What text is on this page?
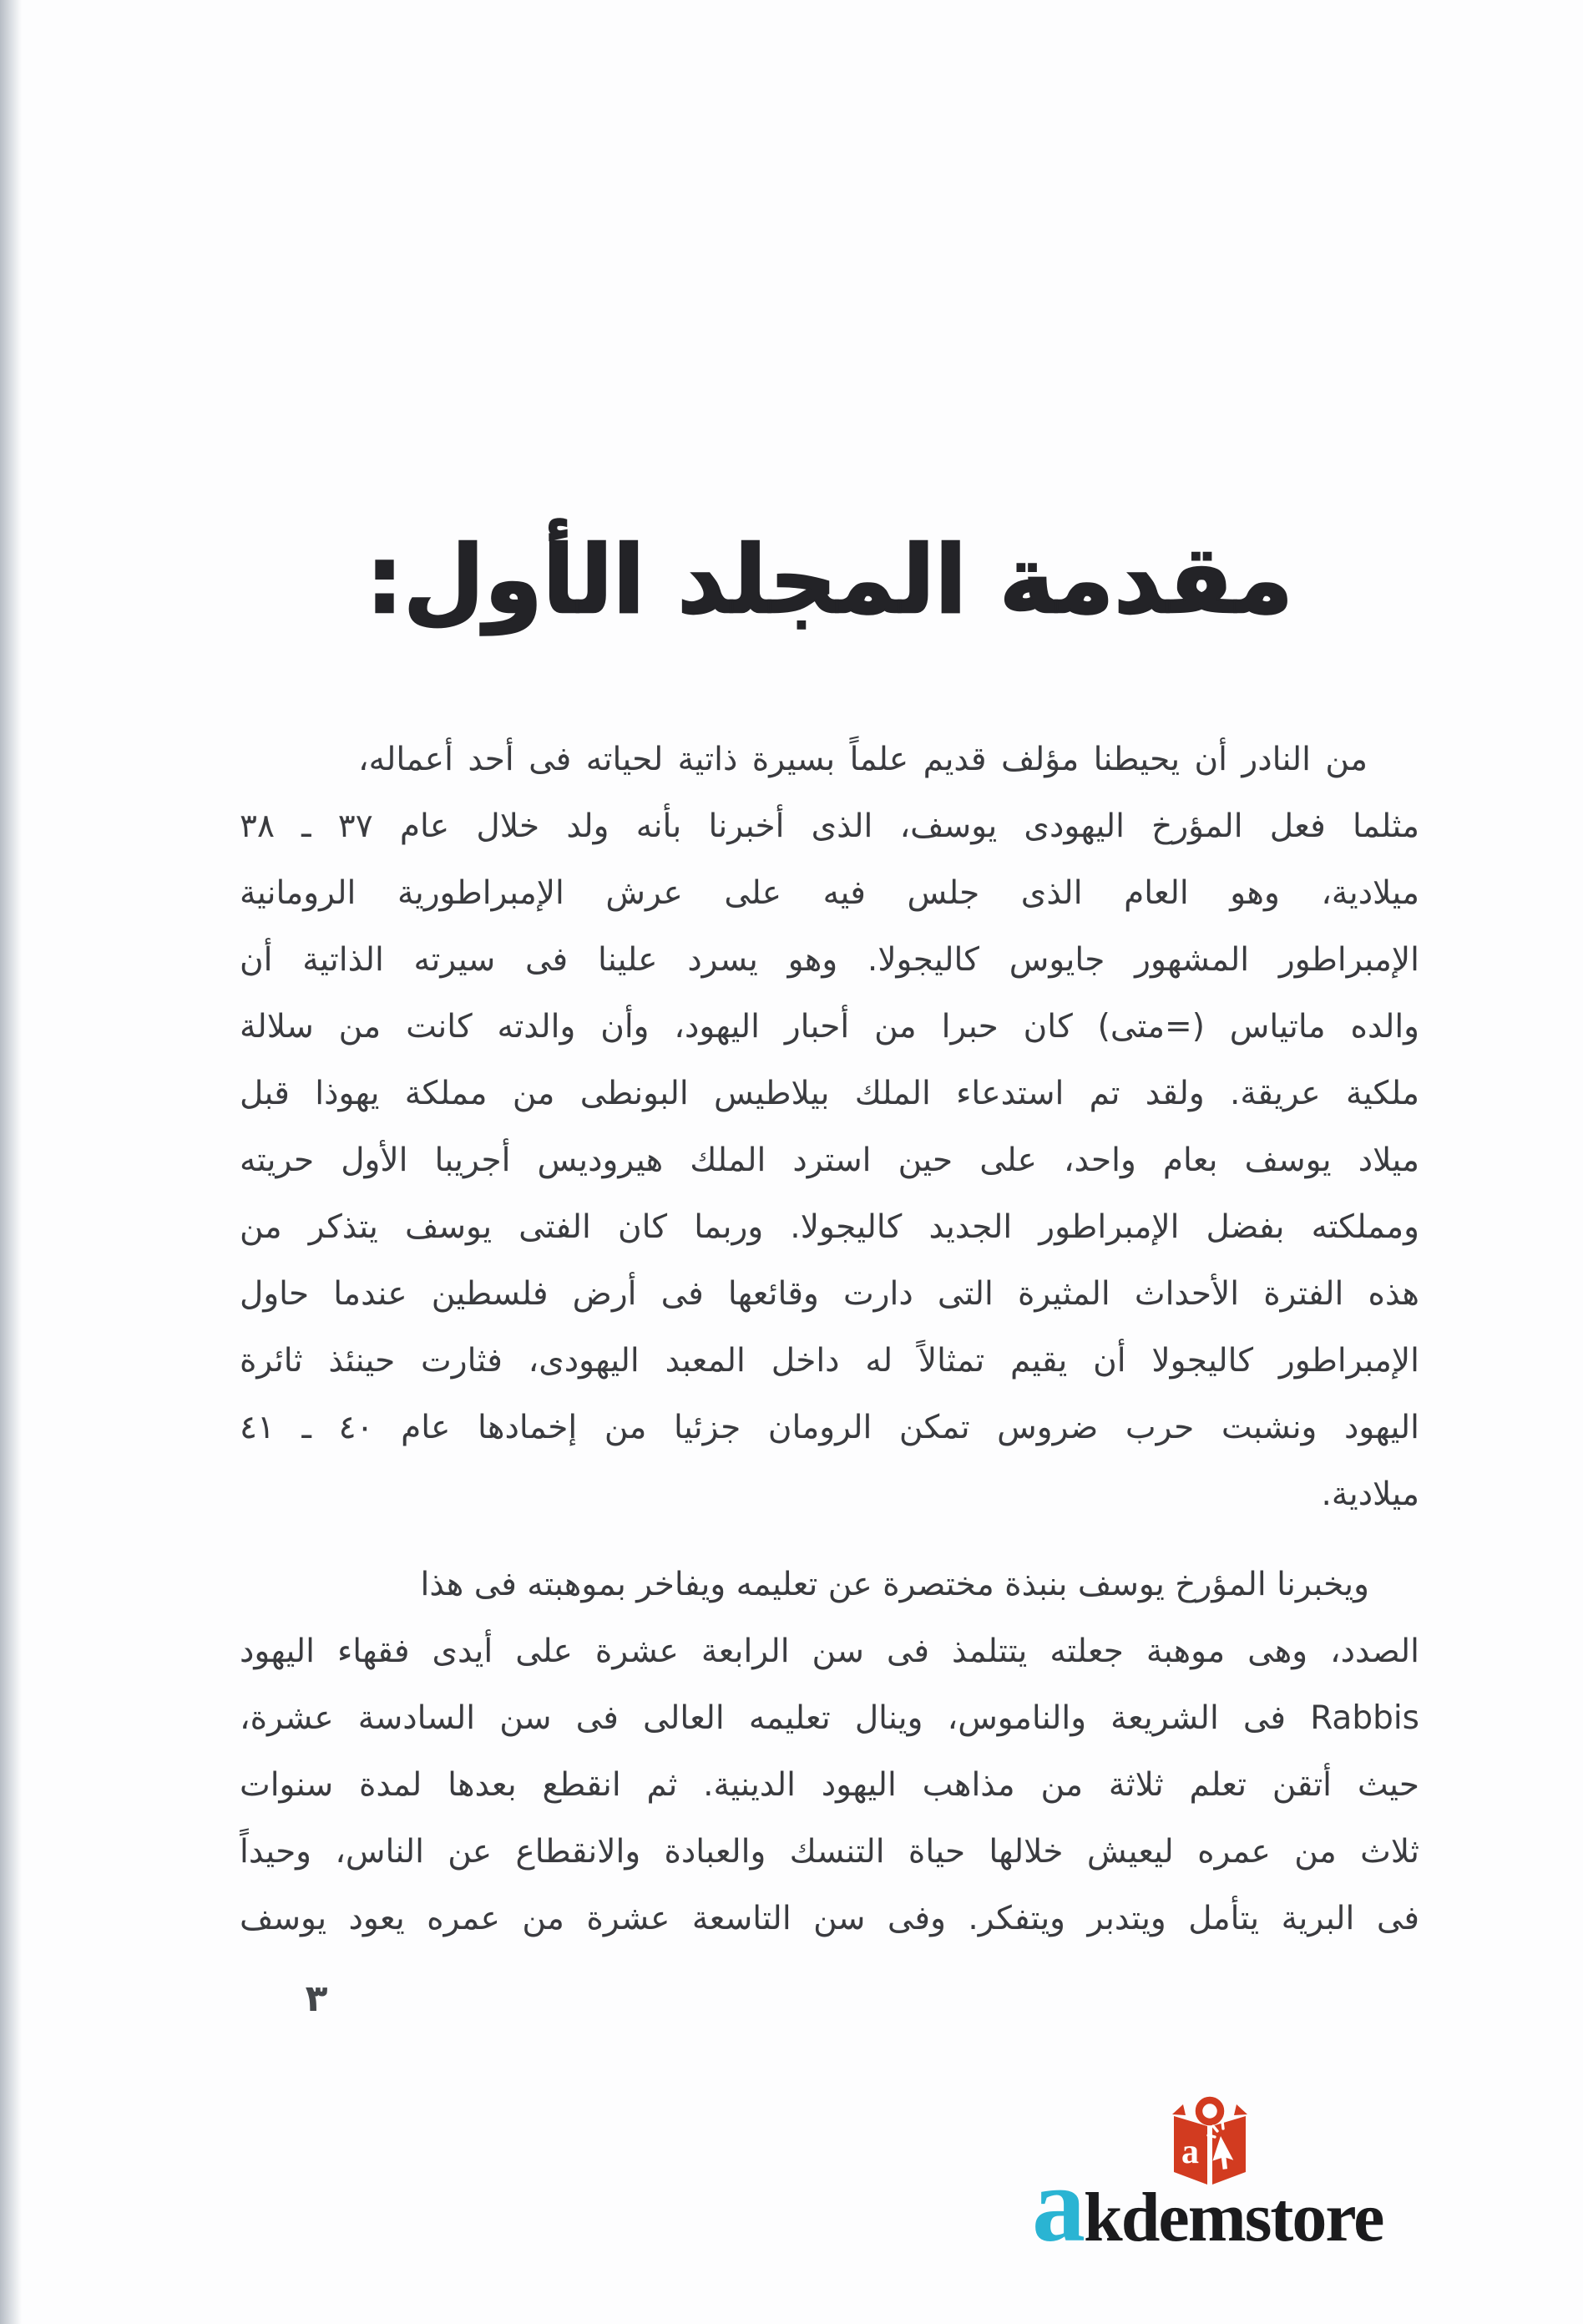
مقدمة المجلد الأول:
من النادر أن يحيطنا مؤلف قديم علماً بسيرة ذاتية لحياته فى أحد أعماله،
مثلما فعل المؤرخ اليهودى يوسف، الذى أخبرنا بأنه ولد خلال عام ٣٧ ـ ٣٨
ميلادية، وهو العام الذى جلس فيه على عرش الإمبراطورية الرومانية
الإمبراطور المشهور جايوس كاليجولا. وهو يسرد علينا فى سيرته الذاتية أن
والده ماتياس (=متى) كان حبرا من أحبار اليهود، وأن والدته كانت من سلالة
ملكية عريقة. ولقد تم استدعاء الملك بيلاطيس البونطى من مملكة يهوذا قبل
ميلاد يوسف بعام واحد، على حين استرد الملك هيروديس أجريبا الأول حريته
ومملكته بفضل الإمبراطور الجديد كاليجولا. وربما كان الفتى يوسف يتذكر من
هذه الفترة الأحداث المثيرة التى دارت وقائعها فى أرض فلسطين عندما حاول
الإمبراطور كاليجولا أن يقيم تمثالاً له داخل المعبد اليهودى، فثارت حينئذ ثائرة
اليهود ونشبت حرب ضروس تمكن الرومان جزئيا من إخمادها عام ٤٠ ـ ٤١
ميلادية.
ويخبرنا المؤرخ يوسف بنبذة مختصرة عن تعليمه ويفاخر بموهبته فى هذا
الصدد، وهى موهبة جعلته يتتلمذ فى سن الرابعة عشرة على أيدى فقهاء اليهود
Rabbis فى الشريعة والناموس، وينال تعليمه العالى فى سن السادسة عشرة،
حيث أتقن تعلم ثلاثة من مذاهب اليهود الدينية. ثم انقطع بعدها لمدة سنوات
ثلاث من عمره ليعيش خلالها حياة التنسك والعبادة والانقطاع عن الناس، وحيداً
فى البرية يتأمل ويتدبر ويتفكر. وفى سن التاسعة عشرة من عمره يعود يوسف
٣
a
akdemstore
